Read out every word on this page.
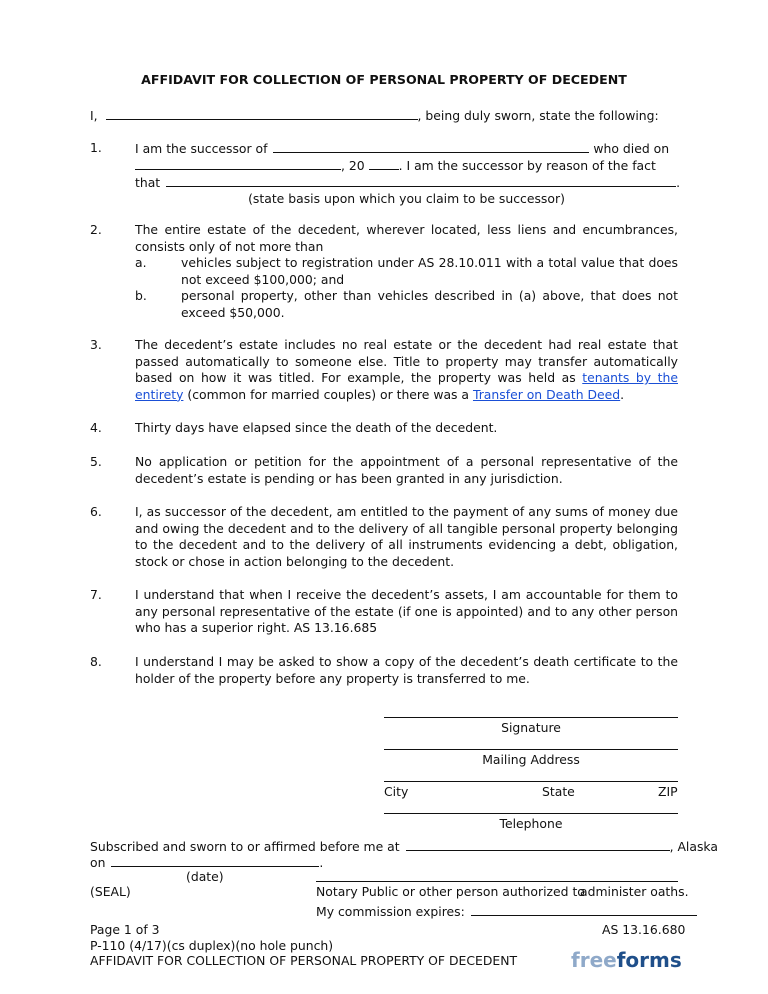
AFFIDAVIT FOR COLLECTION OF PERSONAL PROPERTY OF DECEDENT
I,	, being duly sworn, state the following:
1.	I am the successor of	who died on
, 20	. I am the successor by reason of the fact
that	.
(state basis upon which you claim to be successor)
2.	The entire estate of the decedent, wherever located, less liens and encumbrances, consists only of not more than
a.	vehicles subject to registration under AS 28.10.011 with a total value that does not exceed $100,000; and
b.	personal property, other than vehicles described in (a) above, that does not exceed $50,000.
3.	The decedent’s estate includes no real estate or the decedent had real estate that passed automatically to someone else. Title to property may transfer automatically based on how it was titled. For example, the property was held as tenants by the entirety (common for married couples) or there was a Transfer on Death Deed.
4.	Thirty days have elapsed since the death of the decedent.
5.	No application or petition for the appointment of a personal representative of the decedent’s estate is pending or has been granted in any jurisdiction.
6.	I, as successor of the decedent, am entitled to the payment of any sums of money due and owing the decedent and to the delivery of all tangible personal property belonging to the decedent and to the delivery of all instruments evidencing a debt, obligation, stock or chose in action belonging to the decedent.
7.	I understand that when I receive the decedent’s assets, I am accountable for them to any personal representative of the estate (if one is appointed) and to any other person who has a superior right. AS 13.16.685
8.	I understand I may be asked to show a copy of the decedent’s death certificate to the holder of the property before any property is transferred to me.
Signature
Mailing Address
City	State	ZIP
Telephone
Subscribed and sworn to or affirmed before me at	, Alaska
on	.
(date)
(SEAL)	Notary Public or other person authorized to
administer oaths.
My commission expires:
Page 1 of 3
P-110 (4/17)(cs duplex)(no hole punch)
AFFIDAVIT FOR COLLECTION OF PERSONAL PROPERTY OF DECEDENT
AS 13.16.680
freeforms
